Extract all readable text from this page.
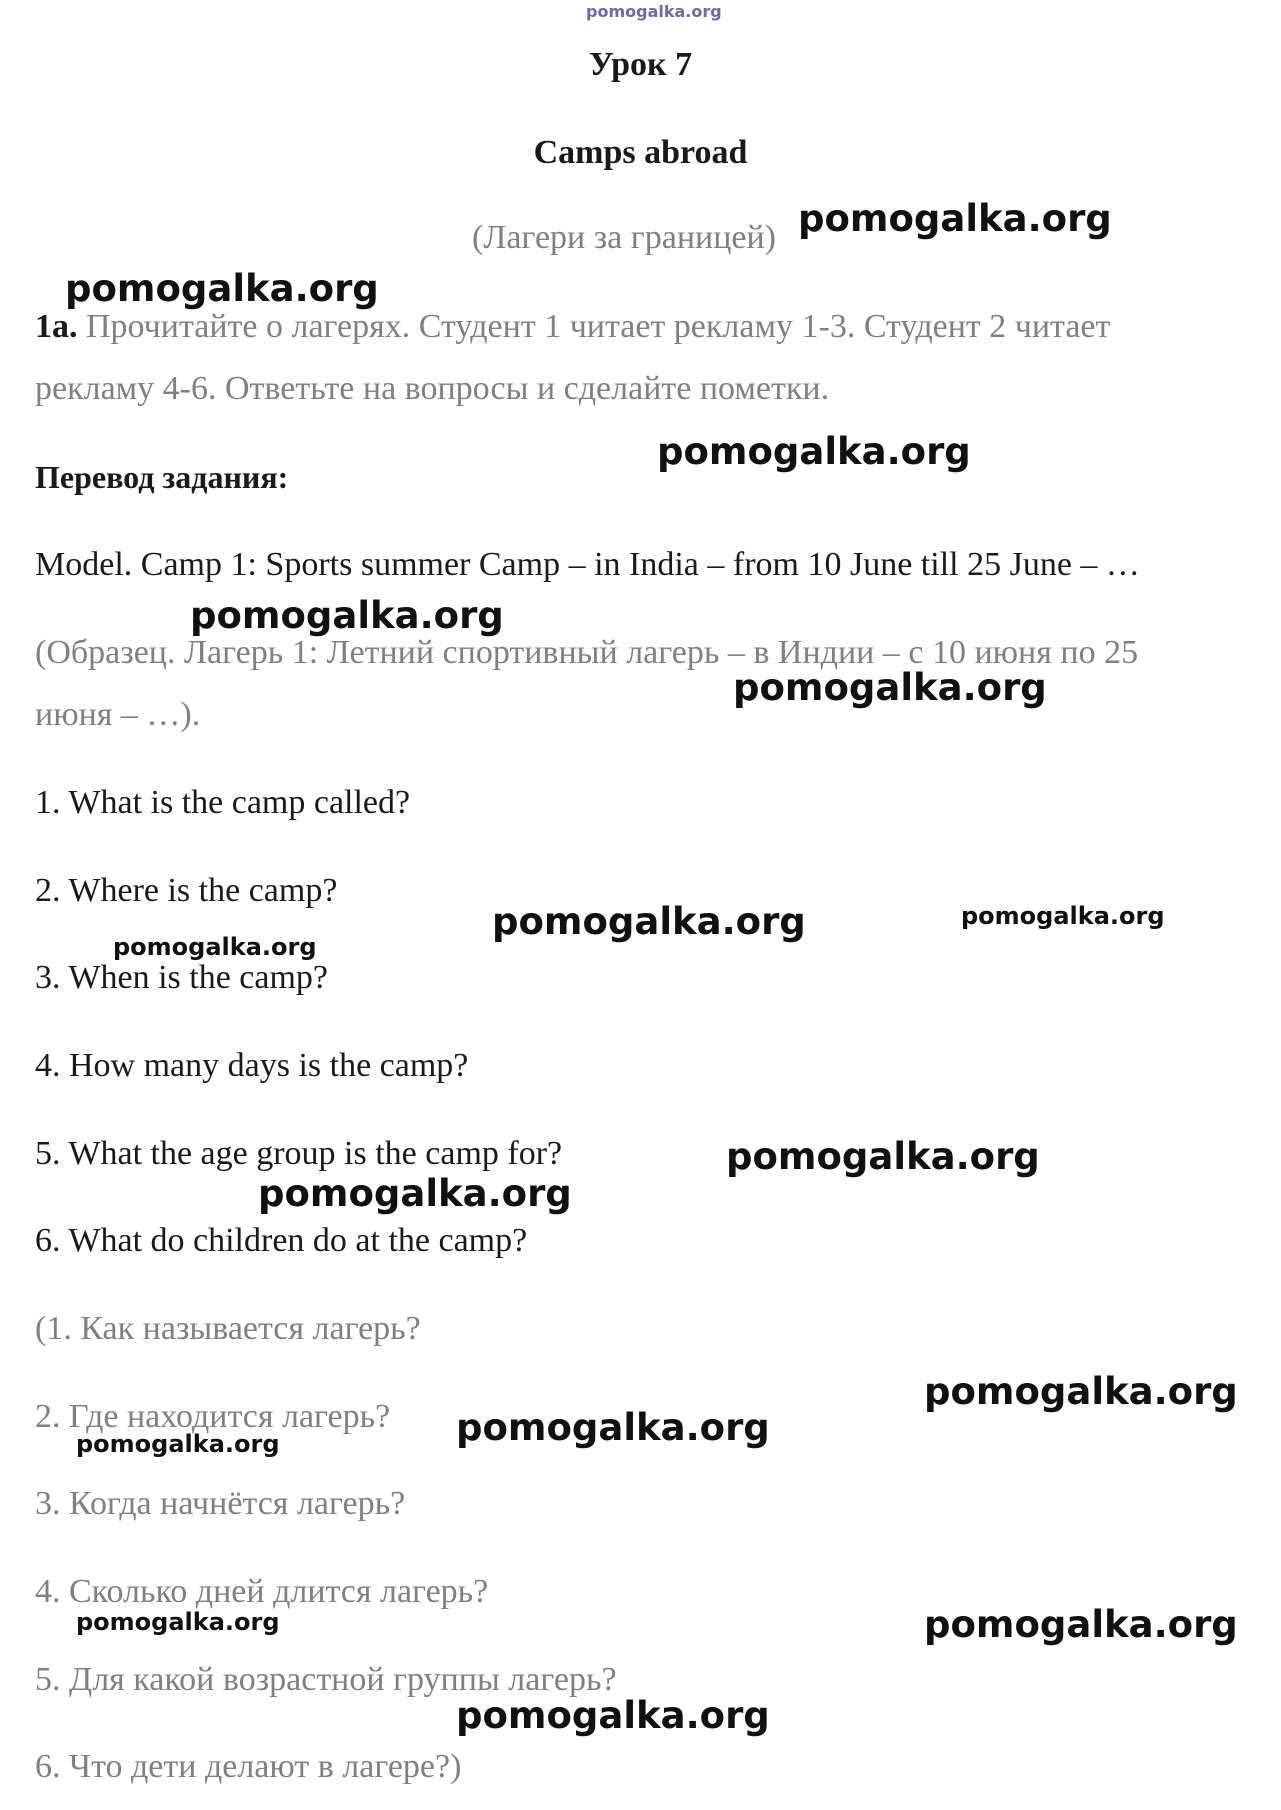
pomogalka.org
Урок 7
Camps abroad
(Лагери за границей)
1a. Прочитайте о лагерях. Студент 1 читает рекламу 1-3. Студент 2 читает
рекламу 4-6. Ответьте на вопросы и сделайте пометки.
Перевод задания:
Model. Camp 1: Sports summer Camp – in India – from 10 June till 25 June – …
(Образец. Лагерь 1: Летний спортивный лагерь – в Индии – с 10 июня по 25
июня – …).
1. What is the camp called?
2. Where is the camp?
3. When is the camp?
4. How many days is the camp?
5. What the age group is the camp for?
6. What do children do at the camp?
(1. Как называется лагерь?
2. Где находится лагерь?
3. Когда начнётся лагерь?
4. Сколько дней длится лагерь?
5. Для какой возрастной группы лагерь?
6. Что дети делают в лагере?)
pomogalka.org
pomogalka.org
pomogalka.org
pomogalka.org
pomogalka.org
pomogalka.org	pomogalka.org
pomogalka.org
pomogalka.org
pomogalka.org
pomogalka.org
pomogalka.org
pomogalka.org
pomogalka.org	pomogalka.org
pomogalka.org
